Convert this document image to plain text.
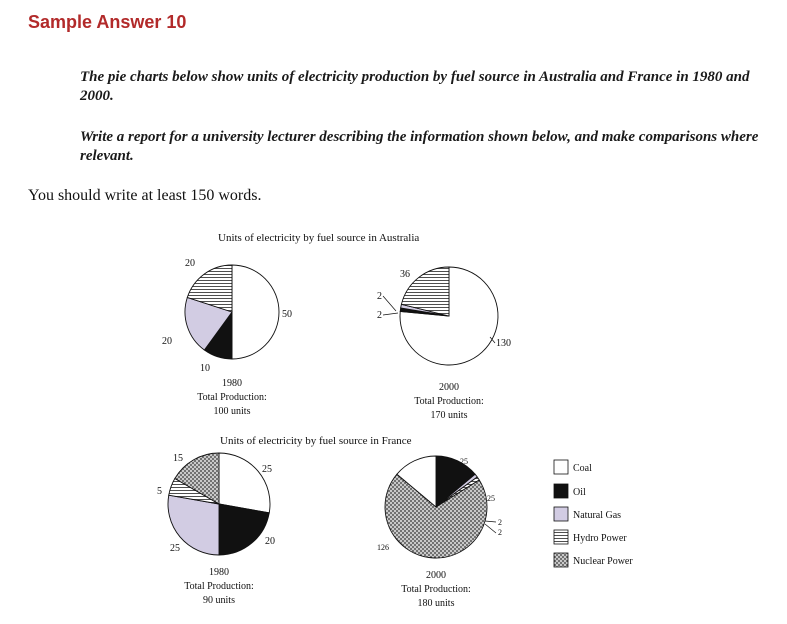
Sample Answer 10
The pie charts below show units of electricity production by fuel source in Australia and France in 1980 and 2000.
Write a report for a university lecturer describing the information shown below, and make comparisons where relevant.
You should write at least 150 words.
Units of electricity by fuel source in Australia
Units of electricity by fuel source in France
20
50
20
10
36
2
2
130
15
25
5
25
20
25
25
2
2
126
1980
Total Production:
100 units
2000
Total Production:
170 units
1980
Total Production:
90 units
2000
Total Production:
180 units
Coal
Oil
Natural Gas
Hydro Power
Nuclear Power
